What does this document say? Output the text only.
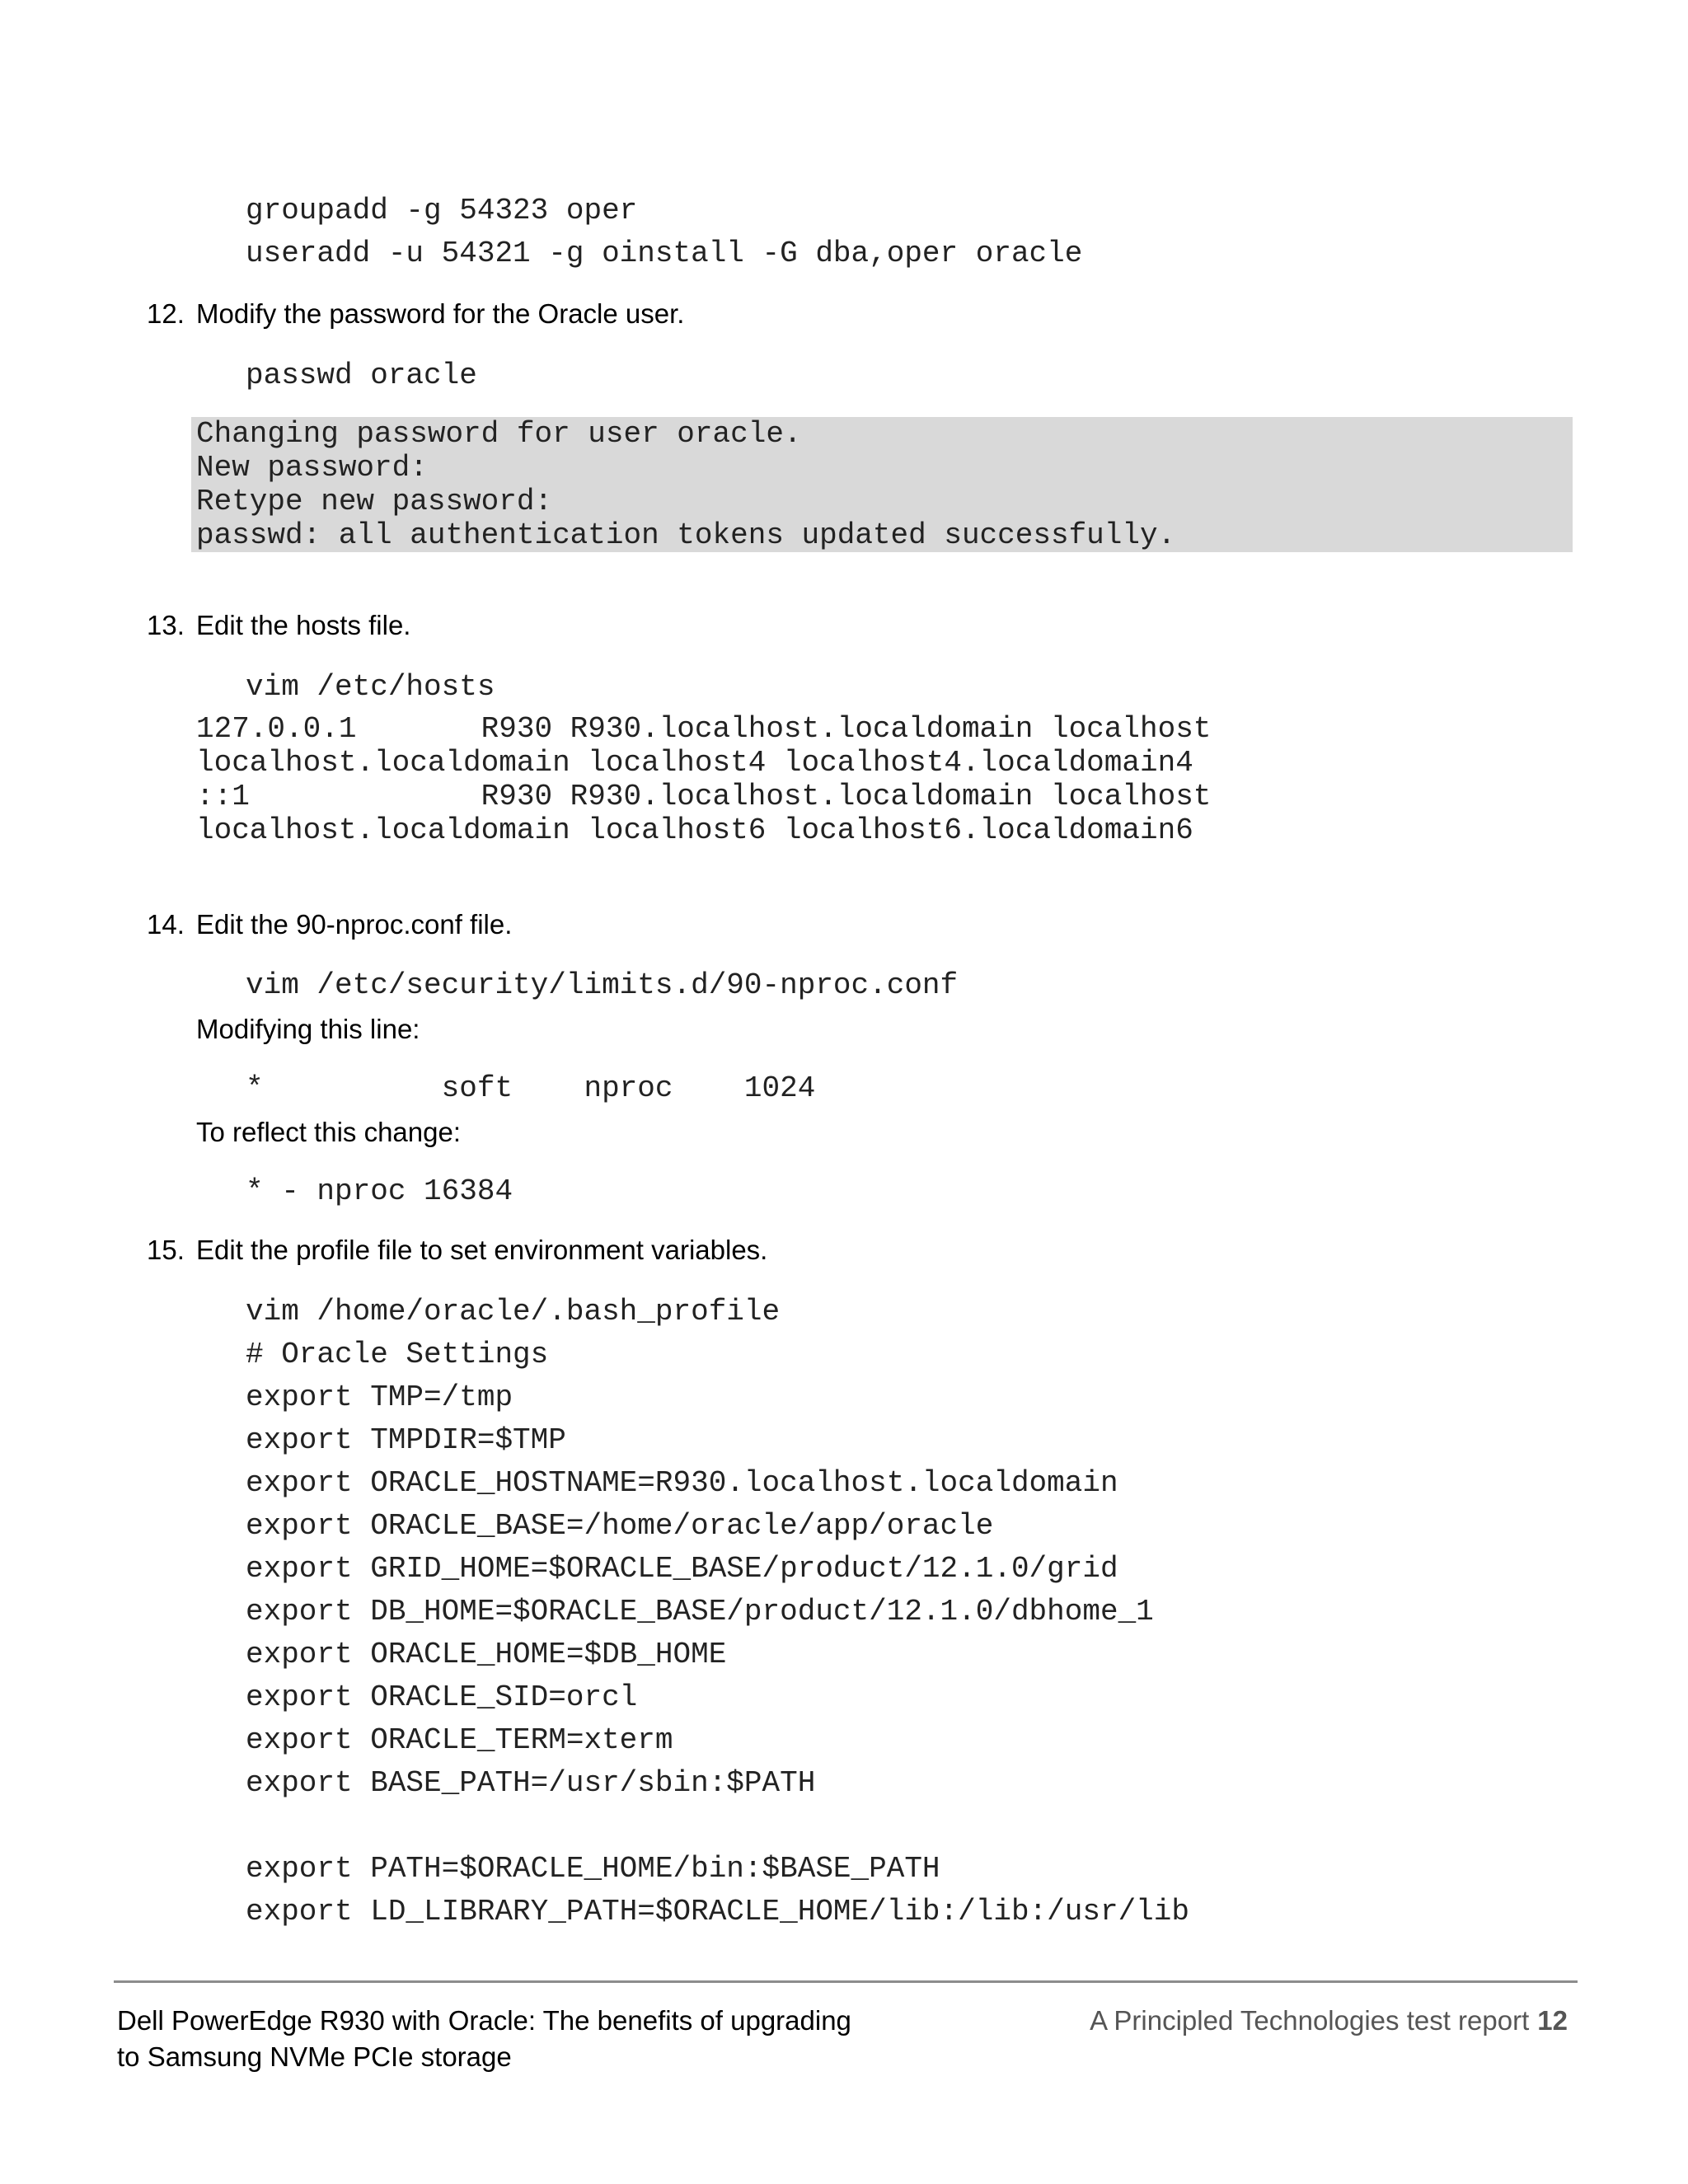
groupadd -g 54323 oper
useradd -u 54321 -g oinstall -G dba,oper oracle
12. Modify the password for the Oracle user.
passwd oracle
Changing password for user oracle.
New password:
Retype new password:
passwd: all authentication tokens updated successfully.
13. Edit the hosts file.
vim /etc/hosts
127.0.0.1       R930 R930.localhost.localdomain localhost
localhost.localdomain localhost4 localhost4.localdomain4
::1             R930 R930.localhost.localdomain localhost
localhost.localdomain localhost6 localhost6.localdomain6
14. Edit the 90-nproc.conf file.
vim /etc/security/limits.d/90-nproc.conf
Modifying this line:
*          soft    nproc    1024
To reflect this change:
* - nproc 16384
15. Edit the profile file to set environment variables.
vim /home/oracle/.bash_profile
# Oracle Settings
export TMP=/tmp
export TMPDIR=$TMP
export ORACLE_HOSTNAME=R930.localhost.localdomain
export ORACLE_BASE=/home/oracle/app/oracle
export GRID_HOME=$ORACLE_BASE/product/12.1.0/grid
export DB_HOME=$ORACLE_BASE/product/12.1.0/dbhome_1
export ORACLE_HOME=$DB_HOME
export ORACLE_SID=orcl
export ORACLE_TERM=xterm
export BASE_PATH=/usr/sbin:$PATH
export PATH=$ORACLE_HOME/bin:$BASE_PATH
export LD_LIBRARY_PATH=$ORACLE_HOME/lib:/lib:/usr/lib
Dell PowerEdge R930 with Oracle: The benefits of upgrading
to Samsung NVMe PCIe storage
A Principled Technologies test report 12
